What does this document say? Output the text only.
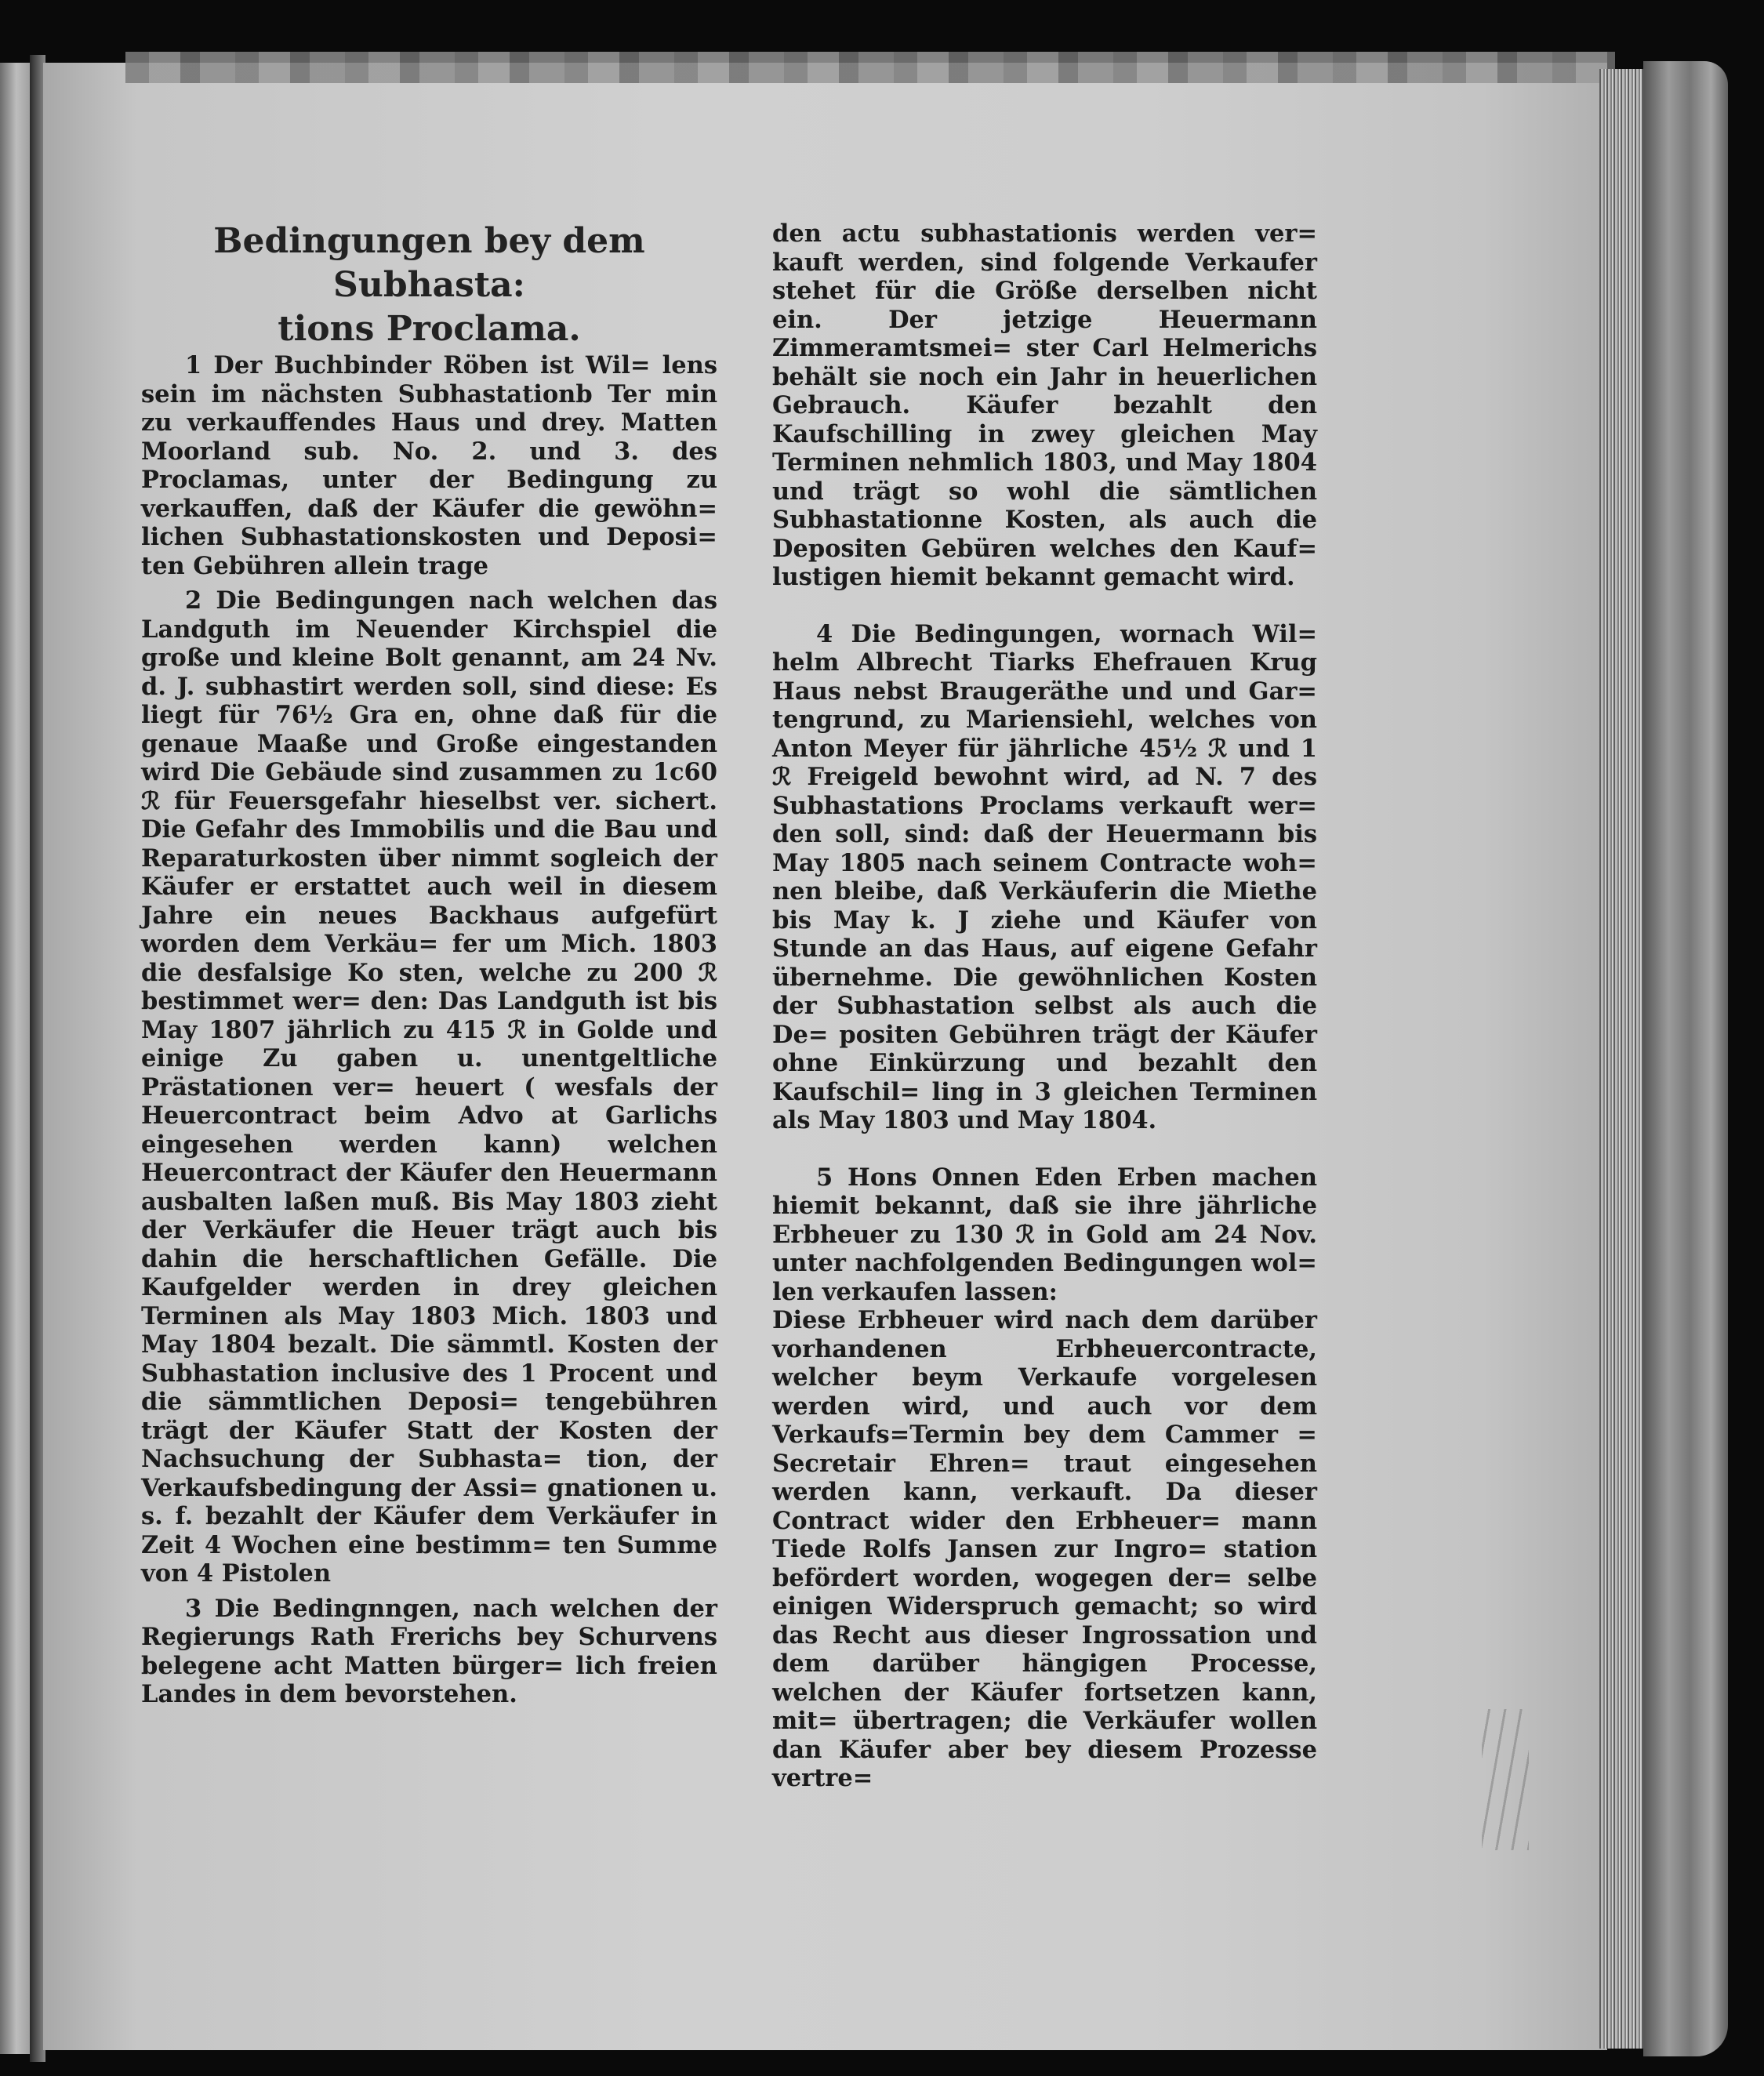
Bedingungen bey dem Subhasta:
tions Proclama.

1 Der Buchbinder Röben ist Wil= lens sein im nächsten Subhastationb Ter min zu verkauffendes Haus und drey. Matten Moorland sub. No. 2. und 3. des Proclamas, unter der Bedingung zu verkauffen, daß der Käufer die gewöhn= lichen Subhastationskosten und Deposi= ten Gebühren allein trage

2 Die Bedingungen nach welchen das Landguth im Neuender Kirchspiel die große und kleine Bolt genannt, am 24 Nv. d. J. subhastirt werden soll, sind diese: Es liegt für 76½ Gra en, ohne daß für die genaue Maaße und Große eingestanden wird Die Gebäude sind zusammen zu 1c60 ℛ für Feuersgefahr hieselbst ver. sichert. Die Gefahr des Immobilis und die Bau und Reparaturkosten über nimmt sogleich der Käufer er erstattet auch weil in diesem Jahre ein neues Backhaus aufgefürt worden dem Verkäu= fer um Mich. 1803 die desfalsige Ko sten, welche zu 200 ℛ bestimmet wer= den: Das Landguth ist bis May 1807 jährlich zu 415 ℛ in Golde und einige Zu gaben u. unentgeltliche Prästationen ver= heuert ( wesfals der Heuercontract beim Advo at Garlichs eingesehen werden kann) welchen Heuercontract der Käufer den Heuermann ausbalten laßen muß. Bis May 1803 zieht der Verkäufer die Heuer trägt auch bis dahin die herschaftlichen Gefälle. Die Kaufgelder werden in drey gleichen Terminen als May 1803 Mich. 1803 und May 1804 bezalt. Die sämmtl. Kosten der Subhastation inclusive des 1 Procent und die sämmtlichen Deposi= tengebühren trägt der Käufer Statt der Kosten der Nachsuchung der Subhasta= tion, der Verkaufsbedingung der Assi= gnationen u. s. f. bezahlt der Käufer dem Verkäufer in Zeit 4 Wochen eine bestimm= ten Summe von 4 Pistolen

3 Die Bedingnngen, nach welchen der Regierungs Rath Frerichs bey Schurvens belegene acht Matten bürger= lich freien Landes in dem bevorstehen.

den actu subhastationis werden ver= kauft werden, sind folgende Verkaufer stehet für die Größe derselben nicht ein. Der jetzige Heuermann Zimmeramtsmei= ster Carl Helmerichs behält sie noch ein Jahr in heuerlichen Gebrauch. Käufer bezahlt den Kaufschilling in zwey gleichen May Terminen nehmlich 1803, und May 1804 und trägt so wohl die sämtlichen Subhastationne Kosten, als auch die Depositen Gebüren welches den Kauf= lustigen hiemit bekannt gemacht wird.

4 Die Bedingungen, wornach Wil= helm Albrecht Tiarks Ehefrauen Krug Haus nebst Braugeräthe und und Gar= tengrund, zu Mariensiehl, welches von Anton Meyer für jährliche 45½ ℛ und 1 ℛ Freigeld bewohnt wird, ad N. 7 des Subhastations Proclams verkauft wer= den soll, sind: daß der Heuermann bis May 1805 nach seinem Contracte woh= nen bleibe, daß Verkäuferin die Miethe bis May k. J ziehe und Käufer von Stunde an das Haus, auf eigene Gefahr übernehme. Die gewöhnlichen Kosten der Subhastation selbst als auch die De= positen Gebühren trägt der Käufer ohne Einkürzung und bezahlt den Kaufschil= ling in 3 gleichen Terminen als May 1803 und May 1804.

5 Hons Onnen Eden Erben machen hiemit bekannt, daß sie ihre jährliche Erbheuer zu 130 ℛ in Gold am 24 Nov. unter nachfolgenden Bedingungen wol= len verkaufen lassen:

Diese Erbheuer wird nach dem darüber vorhandenen Erbheuercontracte, welcher beym Verkaufe vorgelesen werden wird, und auch vor dem Verkaufs=Termin bey dem Cammer = Secretair Ehren= traut eingesehen werden kann, verkauft. Da dieser Contract wider den Erbheuer= mann Tiede Rolfs Jansen zur Ingro= station befördert worden, wogegen der= selbe einigen Widerspruch gemacht; so wird das Recht aus dieser Ingrossation und dem darüber hängigen Processe, welchen der Käufer fortsetzen kann, mit= übertragen; die Verkäufer wollen dan Käufer aber bey diesem Prozesse vertre=
